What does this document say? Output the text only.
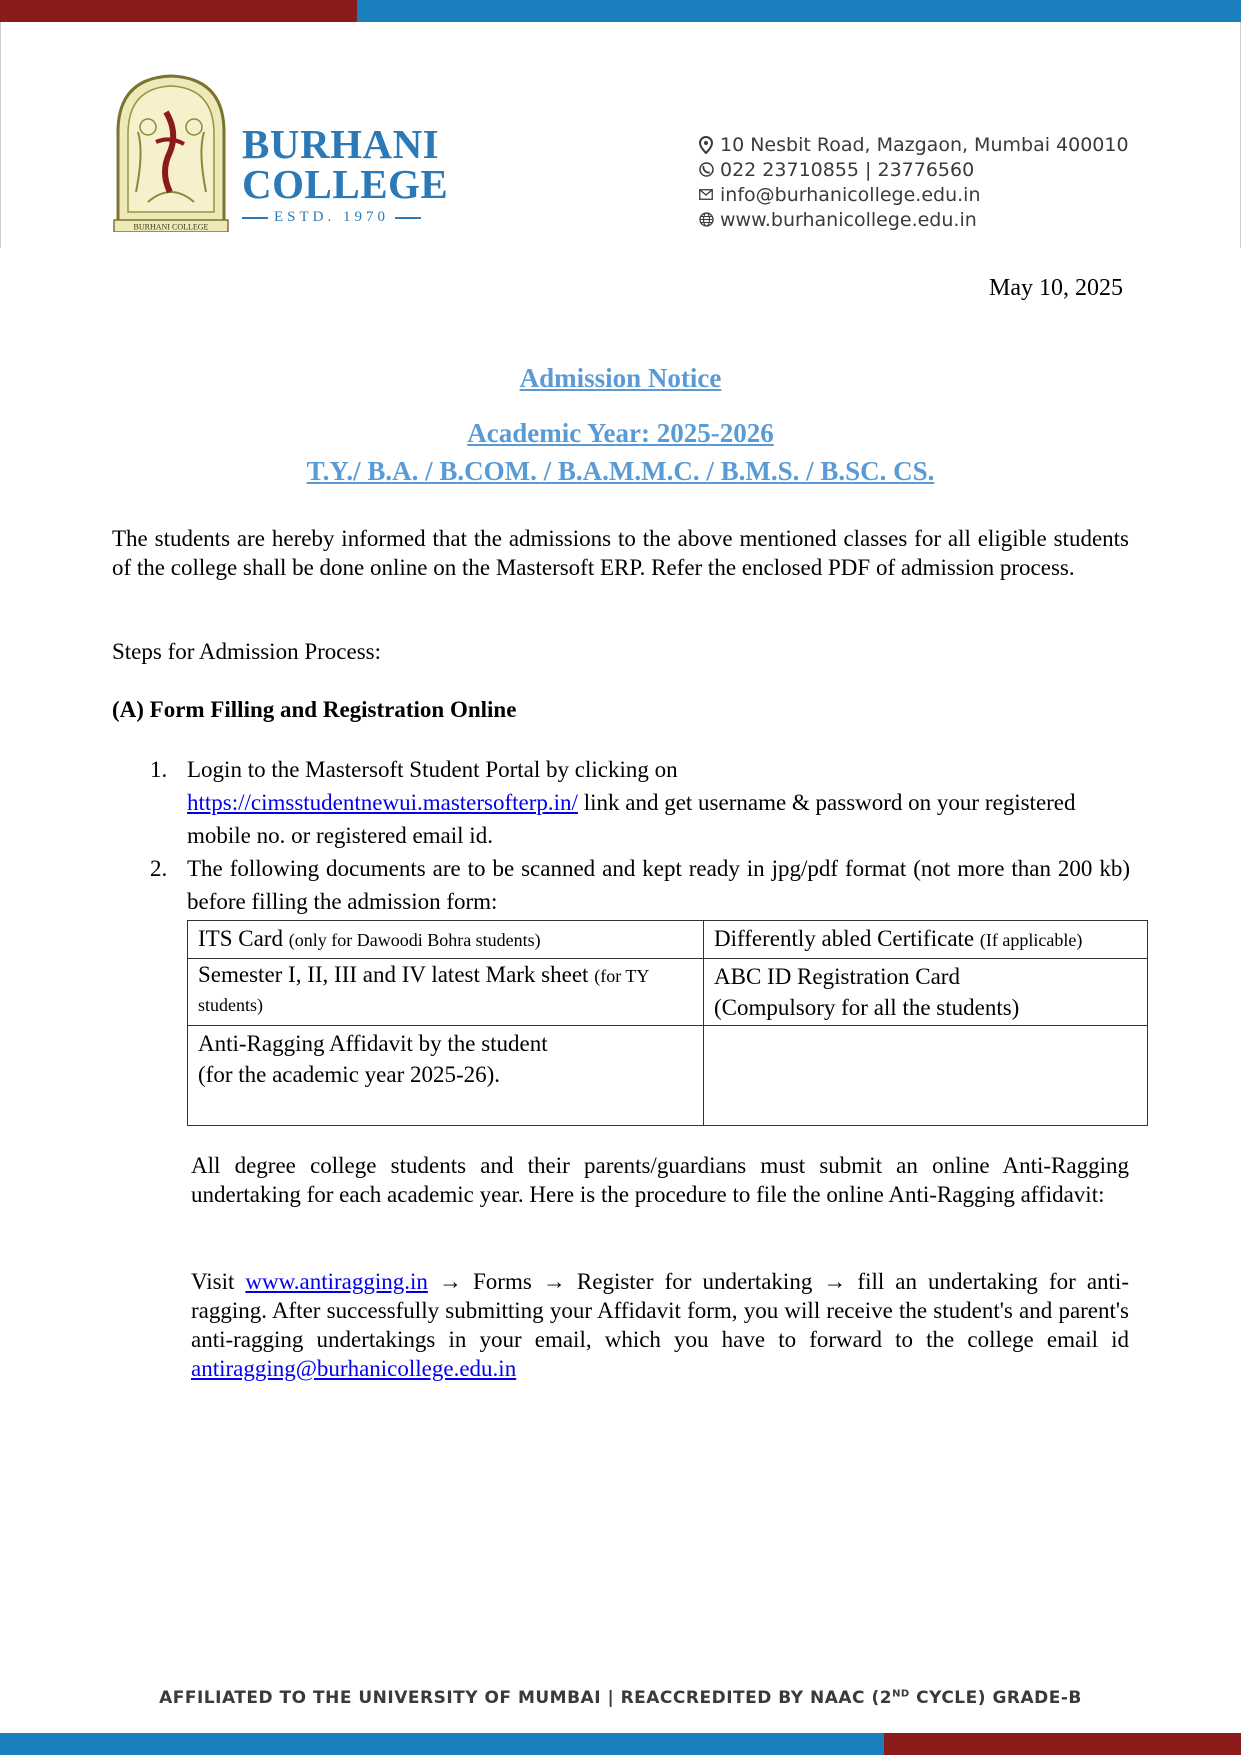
BURHANI COLLEGE
BURHANI
COLLEGE
ESTD. 1970
10 Nesbit Road, Mazgaon, Mumbai 400010
022 23710855 | 23776560
info@burhanicollege.edu.in
www.burhanicollege.edu.in
May 10, 2025
Admission Notice
Academic Year: 2025-2026
T.Y./ B.A. / B.COM. / B.A.M.M.C. / B.M.S. / B.SC. CS.
The students are hereby informed that the admissions to the above mentioned classes for all eligible students of the college shall be done online on the Mastersoft ERP. Refer the enclosed PDF of admission process.
Steps for Admission Process:
(A) Form Filling and Registration Online
1. Login to the Mastersoft Student Portal by clicking on
https://cimsstudentnewui.mastersofterp.in/ link and get username & password on your registered mobile no. or registered email id.
2. The following documents are to be scanned and kept ready in jpg/pdf format (not more than 200 kb) before filling the admission form:
ITS Card (only for Dawoodi Bohra students)	Differently abled Certificate (If applicable)
Semester I, II, III and IV latest Mark sheet (for TY students)	ABC ID Registration Card
(Compulsory for all the students)

Anti-Ragging Affidavit by the student
(for the academic year 2025-26).	

All degree college students and their parents/guardians must submit an online Anti-Ragging undertaking for each academic year. Here is the procedure to file the online Anti-Ragging affidavit:
Visit www.antiragging.in → Forms → Register for undertaking → fill an undertaking for anti-ragging. After successfully submitting your Affidavit form, you will receive the student's and parent's anti-ragging undertakings in your email, which you have to forward to the college email id antiragging@burhanicollege.edu.in
AFFILIATED TO THE UNIVERSITY OF MUMBAI | REACCREDITED BY NAAC (2ND CYCLE) GRADE-B
